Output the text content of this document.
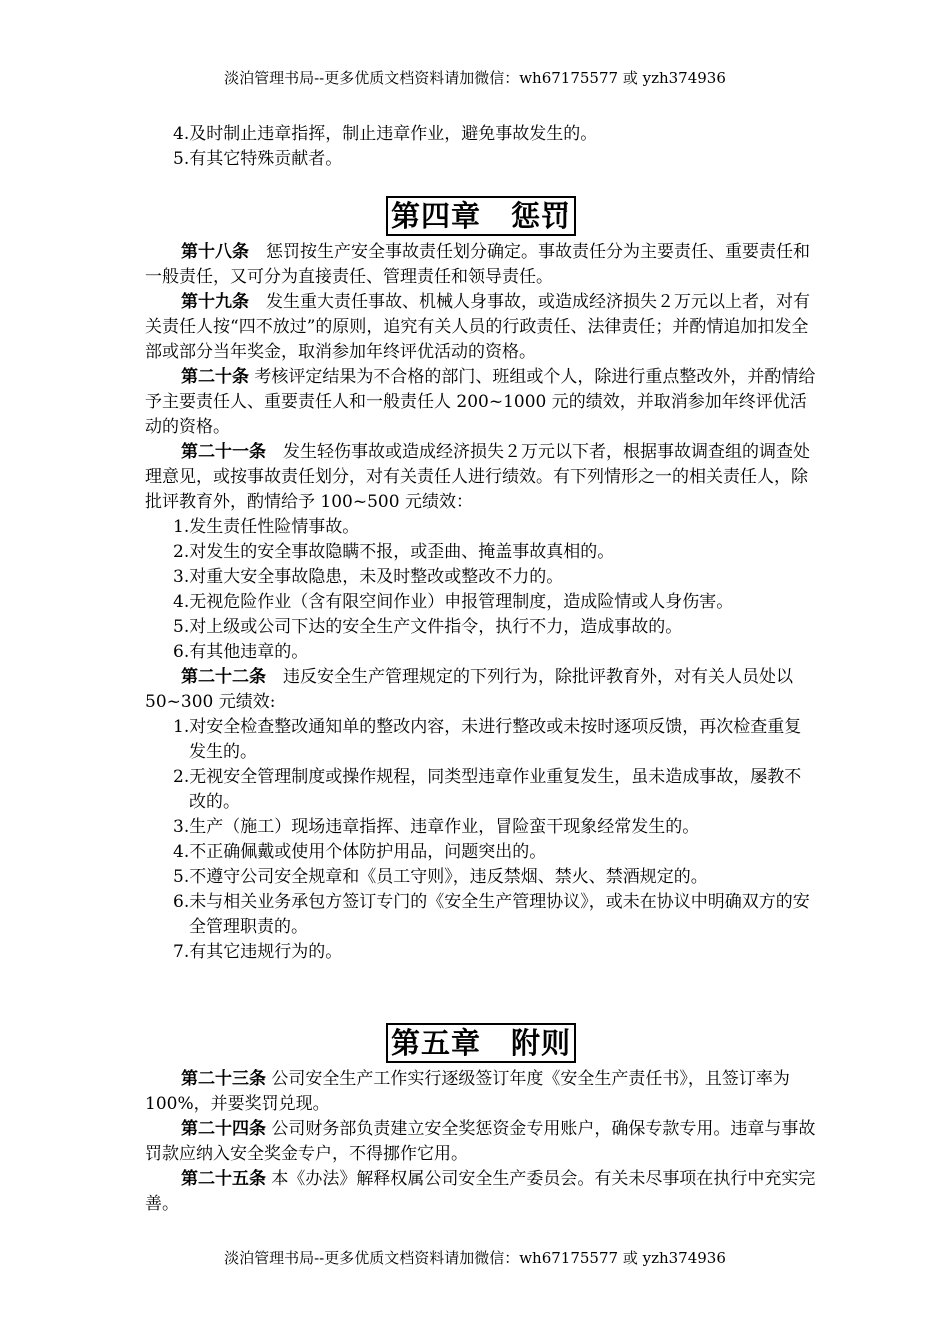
淡泊管理书局--更多优质文档资料请加微信：wh67175577 或 yzh374936

4.及时制止违章指挥，制止违章作业，避免事故发生的。

5.有其它特殊贡献者。

第四章　惩罚

第十八条　惩罚按生产安全事故责任划分确定。事故责任分为主要责任、重要责任和一般责任，又可分为直接责任、管理责任和领导责任。

第十九条　发生重大责任事故、机械人身事故，或造成经济损失２万元以上者，对有关责任人按“四不放过”的原则，追究有关人员的行政责任、法律责任；并酌情追加扣发全部或部分当年奖金，取消参加年终评优活动的资格。

第二十条 考核评定结果为不合格的部门、班组或个人，除进行重点整改外，并酌情给予主要责任人、重要责任人和一般责任人 200~1000 元的绩效，并取消参加年终评优活动的资格。

第二十一条　发生轻伤事故或造成经济损失２万元以下者，根据事故调查组的调查处理意见，或按事故责任划分，对有关责任人进行绩效。有下列情形之一的相关责任人，除批评教育外，酌情给予 100~500 元绩效：

1.发生责任性险情事故。

2.对发生的安全事故隐瞒不报，或歪曲、掩盖事故真相的。

3.对重大安全事故隐患，未及时整改或整改不力的。

4.无视危险作业（含有限空间作业）申报管理制度，造成险情或人身伤害。

5.对上级或公司下达的安全生产文件指令，执行不力，造成事故的。

6.有其他违章的。

第二十二条　违反安全生产管理规定的下列行为，除批评教育外，对有关人员处以 50~300 元绩效:

1.对安全检查整改通知单的整改内容，未进行整改或未按时逐项反馈，再次检查重复发生的。

2.无视安全管理制度或操作规程，同类型违章作业重复发生，虽未造成事故，屡教不改的。

3.生产（施工）现场违章指挥、违章作业，冒险蛮干现象经常发生的。

4.不正确佩戴或使用个体防护用品，问题突出的。

5.不遵守公司安全规章和《员工守则》，违反禁烟、禁火、禁酒规定的。

6.未与相关业务承包方签订专门的《安全生产管理协议》，或未在协议中明确双方的安全管理职责的。

7.有其它违规行为的。

第五章　附则

第二十三条 公司安全生产工作实行逐级签订年度《安全生产责任书》，且签订率为100%，并要奖罚兑现。

第二十四条 公司财务部负责建立安全奖惩资金专用账户，确保专款专用。违章与事故罚款应纳入安全奖金专户，不得挪作它用。

第二十五条 本《办法》解释权属公司安全生产委员会。有关未尽事项在执行中充实完善。

淡泊管理书局--更多优质文档资料请加微信：wh67175577 或 yzh374936
